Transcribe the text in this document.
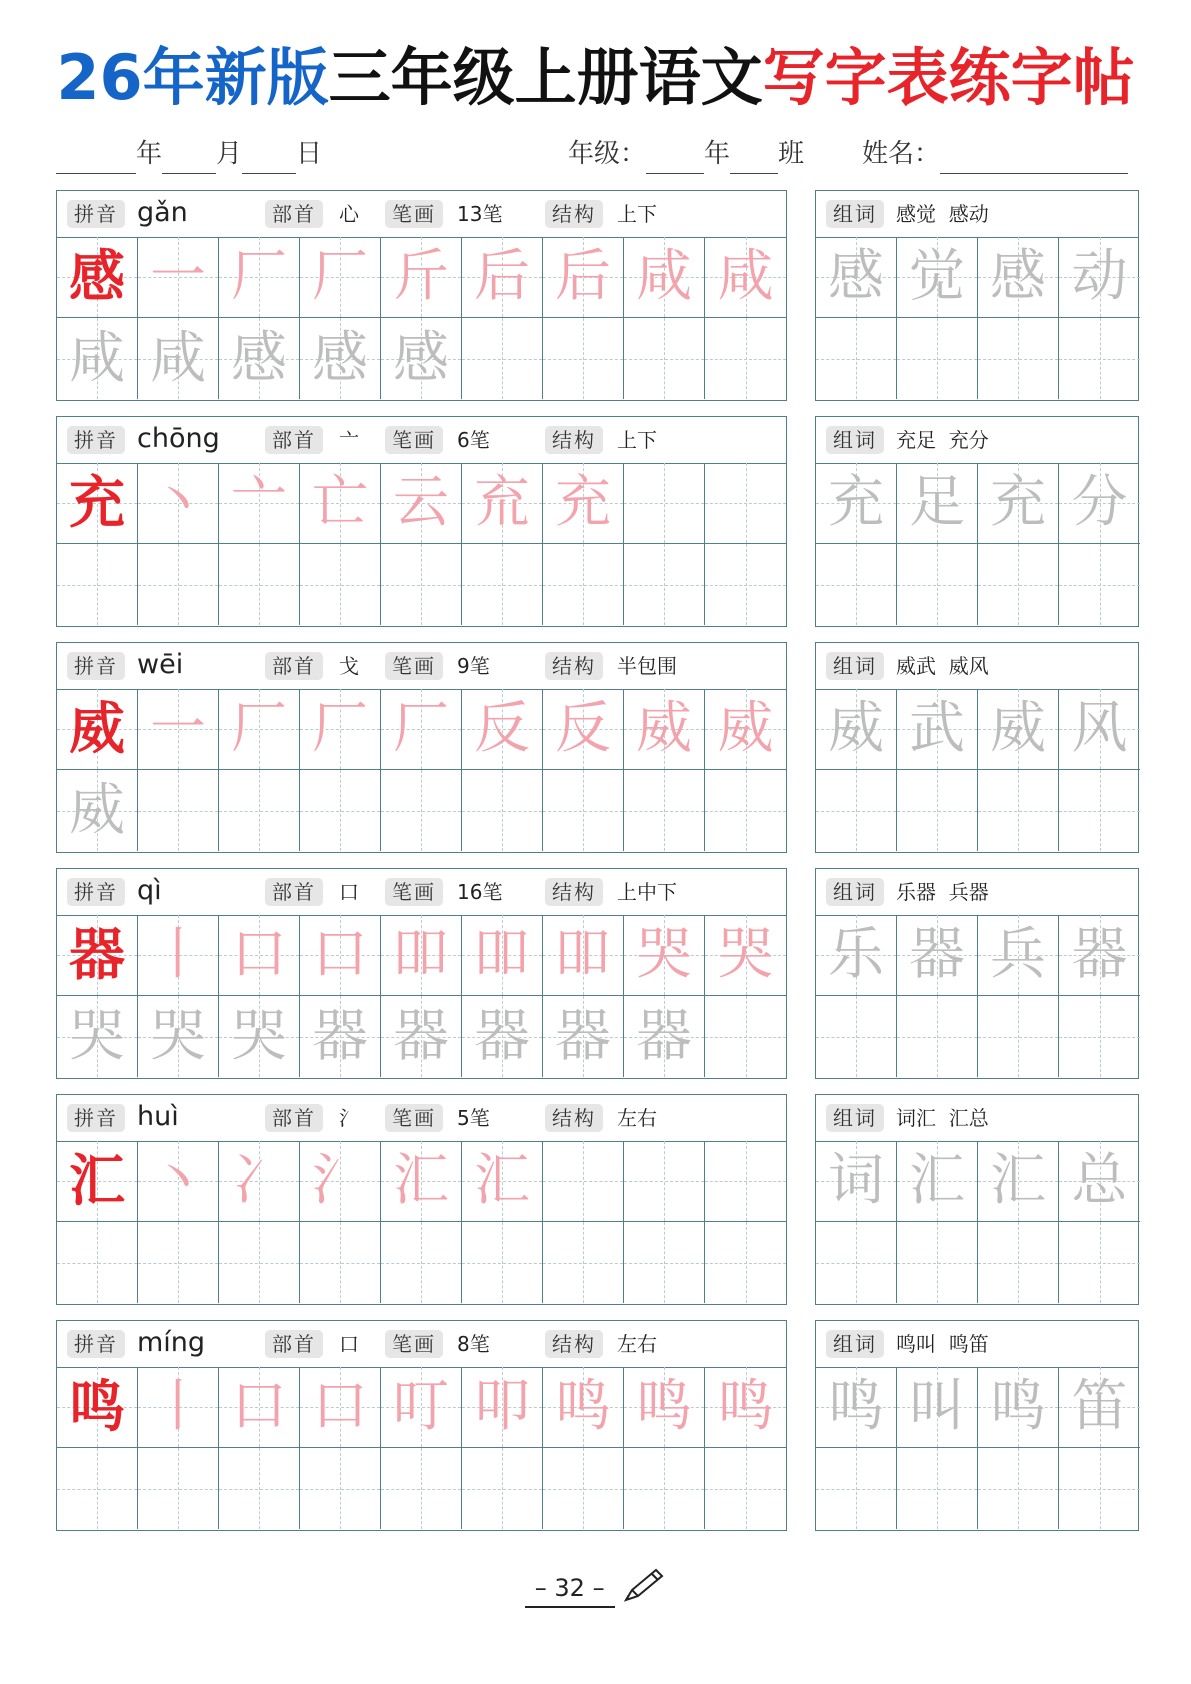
26年新版三年级上册语文写字表练字帖
年 月 日	年级： 年 班 姓名：
拼音 gǎn	部首	心	笔画	13笔	结构	上下
感 一 厂 厂 斤 后 后 咸 咸
咸 咸 感 感 感
组词 感觉  感动
感 觉 感 动
拼音 chōng	部首	亠	笔画	6笔	结构	上下
充 丶 亠 亡 云 㐬 充
组词 充足  充分
充 足 充 分
拼音 wēi	部首	戈	笔画	9笔	结构	半包围
威 一 厂 厂 厂 反 反 威 威
威
组词 威武  威风
威 武 威 风
拼音 qì	部首	口	笔画	16笔	结构	上中下
器 丨 口 口 吅 吅 吅 哭 哭
哭 哭 哭 器 器 器 器 器
组词 乐器  兵器
乐 器 兵 器
拼音 huì	部首	氵	笔画	5笔	结构	左右
汇 丶 冫 氵 汇 汇
组词 词汇  汇总
词 汇 汇 总
拼音 míng	部首	口	笔画	8笔	结构	左右
鸣 丨 口 口 叮 叩 鸣 鸣 鸣
组词 鸣叫  鸣笛
鸣 叫 鸣 笛
– 32 –
